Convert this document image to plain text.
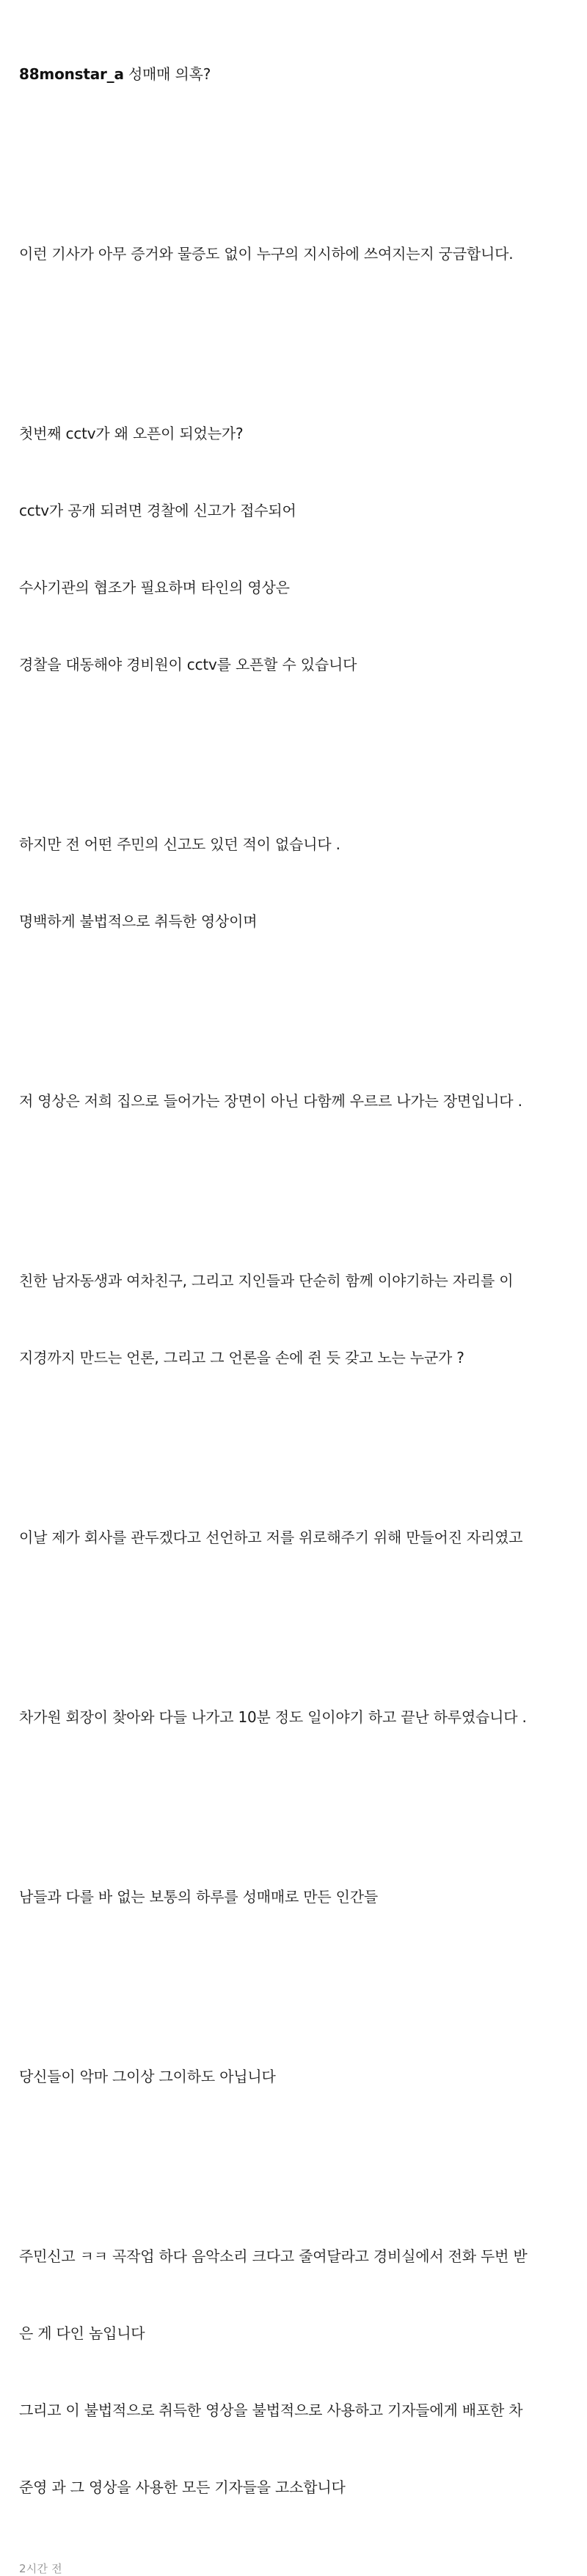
88monstar_a 성매매 의혹?

이런 기사가 아무 증거와 물증도 없이 누구의 지시하에 쓰여지는지 궁금합니다.

첫번째 cctv가 왜 오픈이 되었는가?

cctv가 공개 되려면 경찰에 신고가 접수되어

수사기관의 협조가 필요하며 타인의 영상은

경찰을 대동해야 경비원이 cctv를 오픈할 수 있습니다

하지만 전 어떤 주민의 신고도 있던 적이 없습니다 .

명백하게 불법적으로 취득한 영상이며

저 영상은 저희 집으로 들어가는 장면이 아닌 다함께 우르르 나가는 장면입니다 .

친한 남자동생과 여차친구, 그리고 지인들과 단순히 함께 이야기하는 자리를 이

지경까지 만드는 언론, 그리고 그 언론을 손에 쥔 듯 갖고 노는 누군가 ?

이날 제가 회사를 관두겠다고 선언하고 저를 위로해주기 위해 만들어진 자리였고

차가원 회장이 찾아와 다들 나가고 10분 정도 일이야기 하고 끝난 하루였습니다 .

남들과 다를 바 없는 보통의 하루를 성매매로 만든 인간들

당신들이 악마 그이상 그이하도 아닙니다

주민신고 ㅋㅋ 곡작업 하다 음악소리 크다고 줄여달라고 경비실에서 전화 두번 받

은 게 다인 놈입니다

그리고 이 불법적으로 취득한 영상을 불법적으로 사용하고 기자들에게 배포한 차

준영 과 그 영상을 사용한 모든 기자들을 고소합니다

2시간 전
